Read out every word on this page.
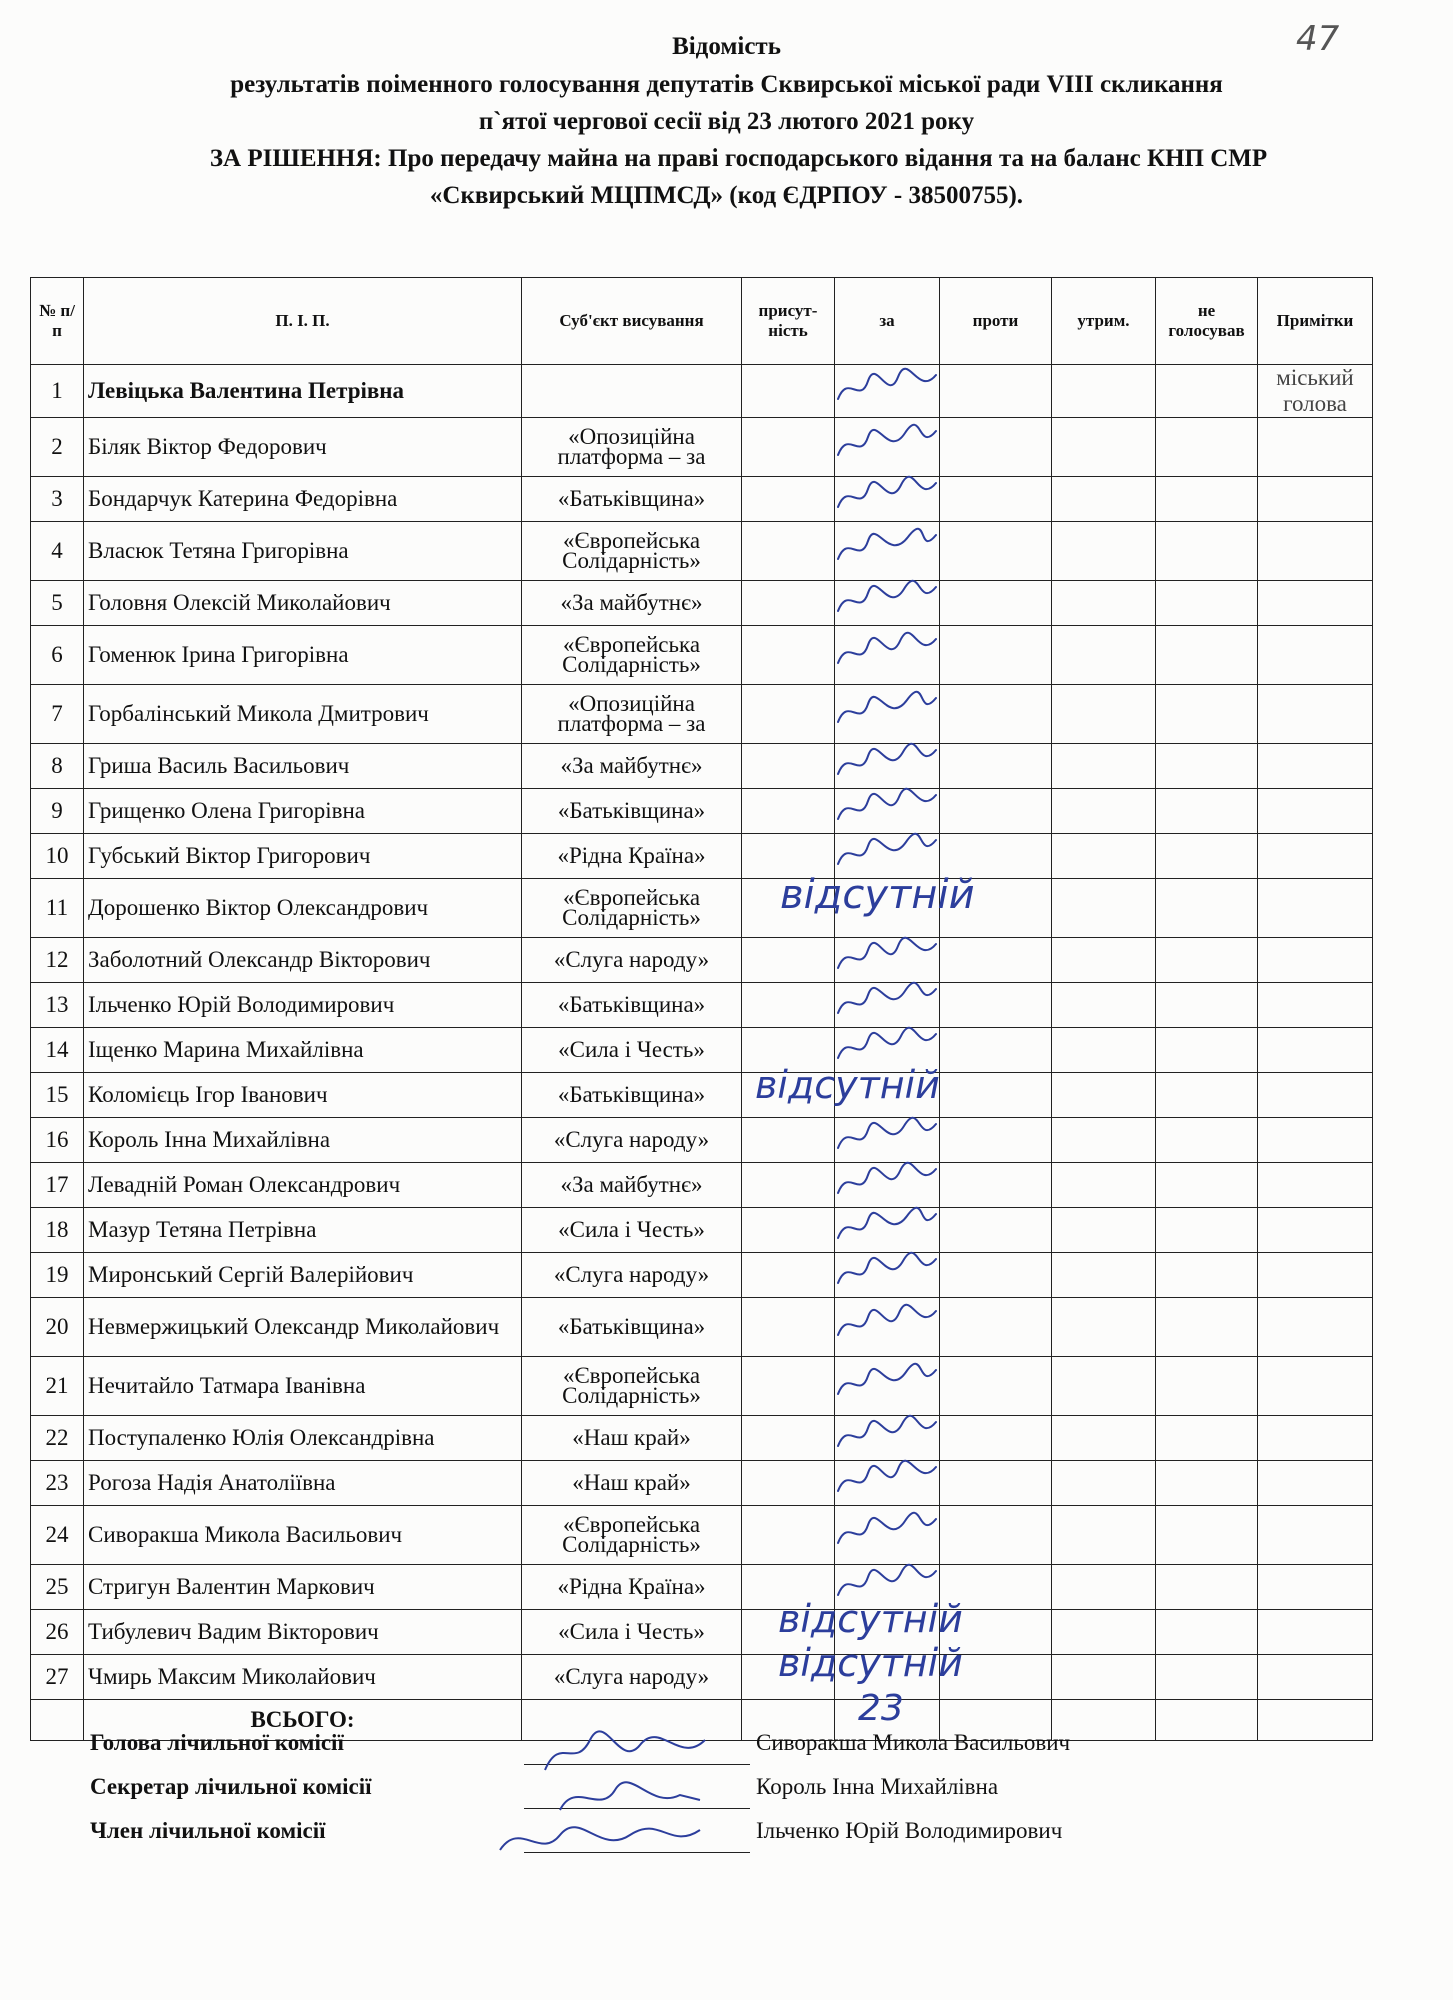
47
Відомість
результатів поіменного голосування депутатів Сквирської міської ради VIII скликання
п`ятої чергової сесії від 23 лютого 2021 року
ЗА РІШЕННЯ: Про передачу майна на праві господарського відання та на баланс КНП СМР
«Сквирський МЦПМСД» (код ЄДРПОУ - 38500755).
№ п/п	П. І. П.	Суб'єкт висування	присут-ність	за	проти	утрим.	не голосував	Примітки
1	Левіцька Валентина Петрівна							міський голова
2	Біляк Віктор Федорович	«Опозиційна платформа – за						
3	Бондарчук Катерина Федорівна	«Батьківщина»						
4	Власюк Тетяна Григорівна	«Європейська Солідарність»						
5	Головня Олексій Миколайович	«За майбутнє»						
6	Гоменюк Ірина Григорівна	«Європейська Солідарність»						
7	Горбалінський Микола Дмитрович	«Опозиційна платформа – за						
8	Гриша Василь Васильович	«За майбутнє»						
9	Грищенко Олена Григорівна	«Батьківщина»						
10	Губський Віктор Григорович	«Рідна Країна»						
11	Дорошенко Віктор Олександрович	«Європейська Солідарність»						
12	Заболотний Олександр Вікторович	«Слуга народу»						
13	Ільченко Юрій Володимирович	«Батьківщина»						
14	Іщенко Марина Михайлівна	«Сила і Честь»						
15	Коломієць Ігор Іванович	«Батьківщина»						
16	Король Інна Михайлівна	«Слуга народу»						
17	Левадній Роман Олександрович	«За майбутнє»						
18	Мазур Тетяна Петрівна	«Сила і Честь»						
19	Миронський Сергій Валерійович	«Слуга народу»						
20	Невмержицький Олександр Миколайович	«Батьківщина»						
21	Нечитайло Татмара Іванівна	«Європейська Солідарність»						
22	Поступаленко Юлія Олександрівна	«Наш край»						
23	Рогоза Надія Анатоліївна	«Наш край»						
24	Сиворакша Микола Васильович	«Європейська Солідарність»						
25	Стригун Валентин Маркович	«Рідна Країна»						
26	Тибулевич Вадим Вікторович	«Сила і Честь»						
27	Чмирь Максим Миколайович	«Слуга народу»						
	ВСЬОГО:							
Голова лічильної комісії	Сиворакша Микола Васильович
Секретар лічильної комісії	Король Інна Михайлівна
Член лічильної комісії	Ільченко Юрій Володимирович
відсутній
відсутній
відсутній
відсутній
23
